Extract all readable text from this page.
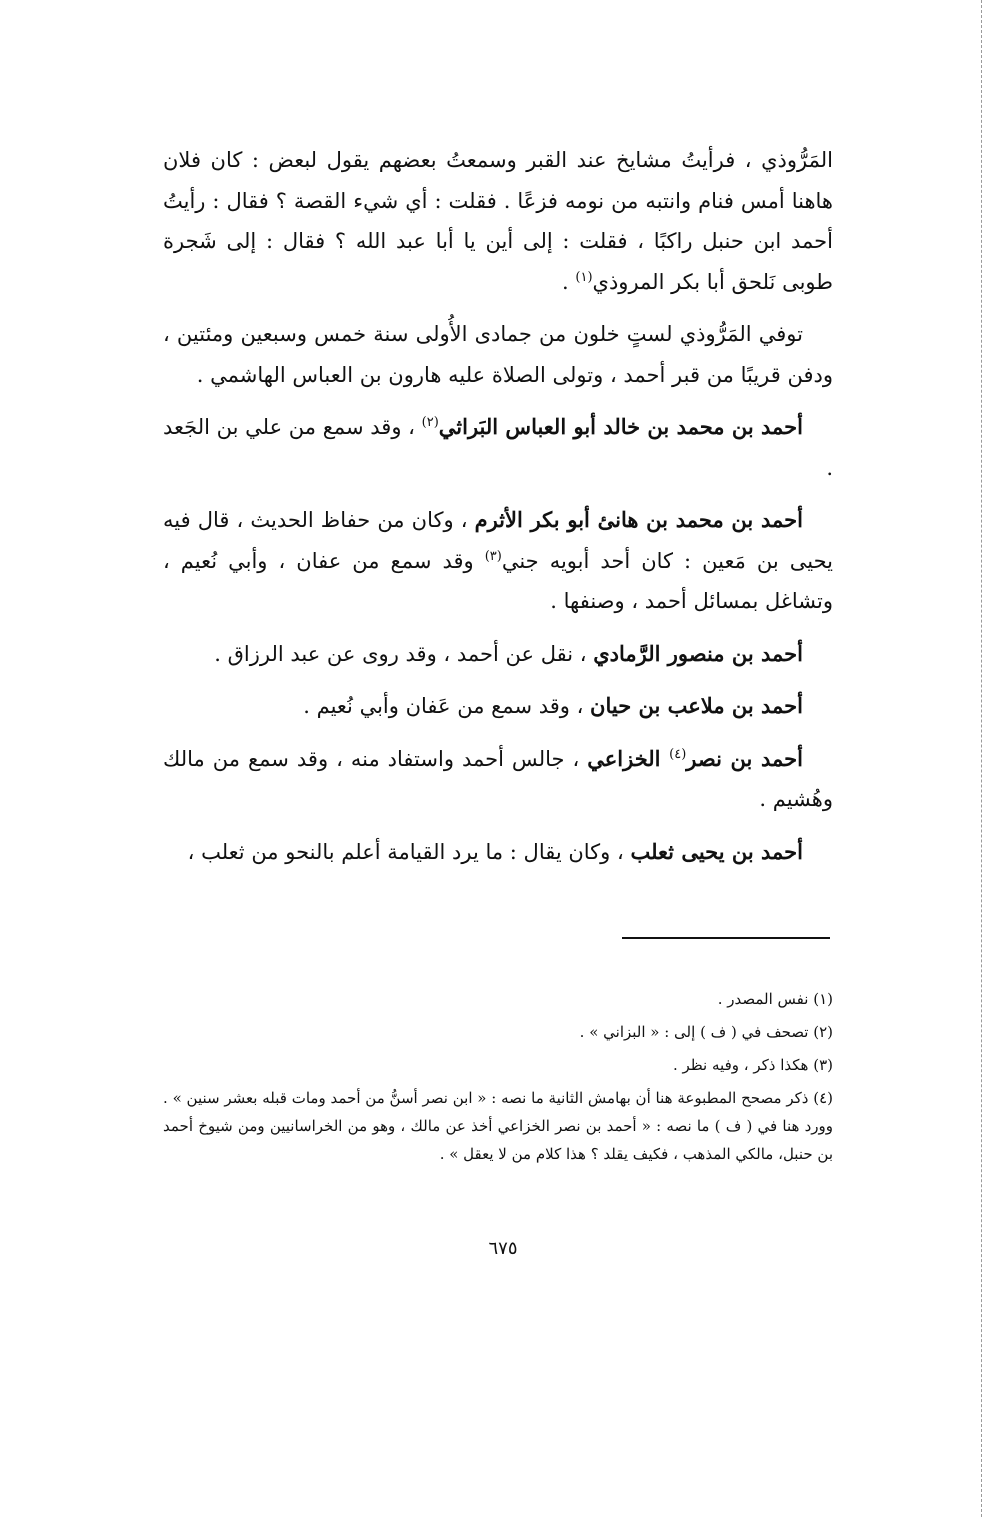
المَرُّوذي ، فرأيتُ مشايخ عند القبر وسمعتُ بعضهم يقول لبعض : كان فلان هاهنا أمس فنام وانتبه من نومه فزعًا . فقلت : أي شيء القصة ؟ فقال : رأيتُ أحمد ابن حنبل راكبًا ، فقلت : إلى أين يا أبا عبد الله ؟ فقال : إلى شَجرة طوبى نَلحق أبا بكر المروذي$^{(١)}$ .

توفي المَرُّوذي لستٍ خلون من جمادى الأُولى سنة خمس وسبعين ومئتين ، ودفن قريبًا من قبر أحمد ، وتولى الصلاة عليه هارون بن العباس الهاشمي .

أحمد بن محمد بن خالد أبو العباس البَراثي$^{(٢)}$ ، وقد سمع من علي بن الجَعد .

أحمد بن محمد بن هانئ أبو بكر الأثرم ، وكان من حفاظ الحديث ، قال فيه يحيى بن مَعين : كان أحد أبويه جني$^{(٣)}$ وقد سمع من عفان ، وأبي نُعيم ، وتشاغل بمسائل أحمد ، وصنفها .

أحمد بن منصور الرَّمادي ، نقل عن أحمد ، وقد روى عن عبد الرزاق .

أحمد بن ملاعب بن حيان ، وقد سمع من عَفان وأبي نُعيم .

أحمد بن نصر$^{(٤)}$ الخزاعي ، جالس أحمد واستفاد منه ، وقد سمع من مالك وهُشيم .

أحمد بن يحيى ثعلب ، وكان يقال : ما يرد القيامة أعلم بالنحو من ثعلب ،

(١) نفس المصدر .

(٢) تصحف في ( ف ) إلى : « البزاني » .

(٣) هكذا ذكر ، وفيه نظر .

(٤) ذكر مصحح المطبوعة هنا أن بهامش الثانية ما نصه : « ابن نصر أسنُّ من أحمد ومات قبله بعشر سنين » . وورد هنا في ( ف ) ما نصه : « أحمد بن نصر الخزاعي أخذ عن مالك ، وهو من الخراسانيين ومن شيوخ أحمد بن حنبل، مالكي المذهب ، فكيف يقلد ؟ هذا كلام من لا يعقل » .

٦٧٥
